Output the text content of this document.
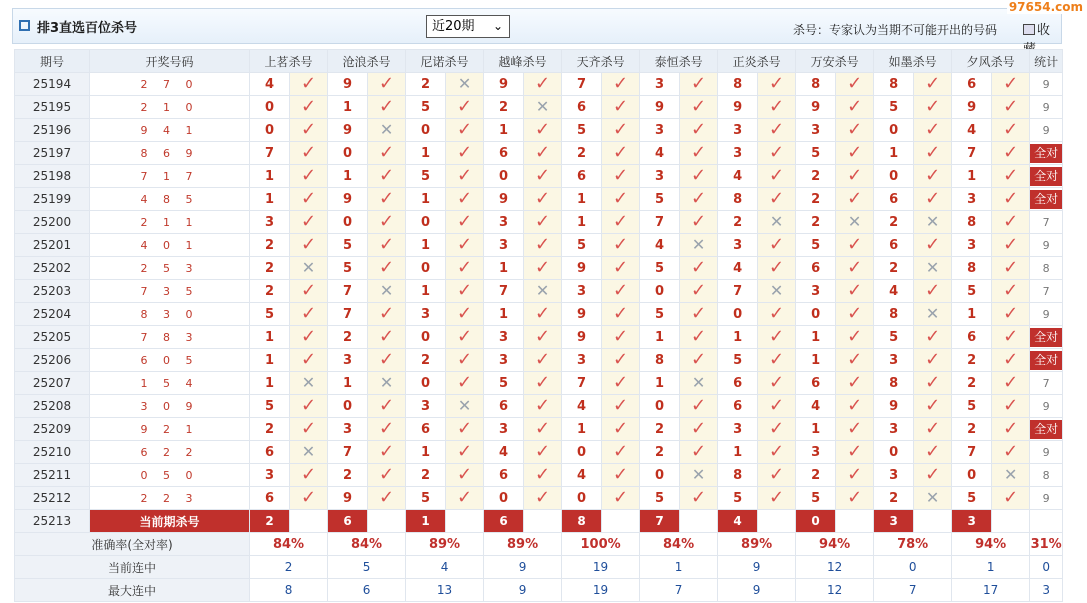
排3直选百位杀号	近20期 ⌄	杀号：专家认为当期不可能开出的号码	收
97654.com
期号	开奖号码	上茗杀号		沧浪杀号		尼诺杀号		越峰杀号		天齐杀号		泰恒杀号		正炎杀号		万安杀号		如墨杀号		夕风杀号		统计
25194	2 7 0	4	✓	9	✓	2	✕	9	✓	7	✓	3	✓	8	✓	8	✓	8	✓	6	✓	9
25195	2 1 0	0	✓	1	✓	5	✓	2	✕	6	✓	9	✓	9	✓	9	✓	5	✓	9	✓	9
25196	9 4 1	0	✓	9	✕	0	✓	1	✓	5	✓	3	✓	3	✓	3	✓	0	✓	4	✓	9
25197	8 6 9	7	✓	0	✓	1	✓	6	✓	2	✓	4	✓	3	✓	5	✓	1	✓	7	✓	全对
25198	7 1 7	1	✓	1	✓	5	✓	0	✓	6	✓	3	✓	4	✓	2	✓	0	✓	1	✓	全对
25199	4 8 5	1	✓	9	✓	1	✓	9	✓	1	✓	5	✓	8	✓	2	✓	6	✓	3	✓	全对
25200	2 1 1	3	✓	0	✓	0	✓	3	✓	1	✓	7	✓	2	✕	2	✕	2	✕	8	✓	7
25201	4 0 1	2	✓	5	✓	1	✓	3	✓	5	✓	4	✕	3	✓	5	✓	6	✓	3	✓	9
25202	2 5 3	2	✕	5	✓	0	✓	1	✓	9	✓	5	✓	4	✓	6	✓	2	✕	8	✓	8
25203	7 3 5	2	✓	7	✕	1	✓	7	✕	3	✓	0	✓	7	✕	3	✓	4	✓	5	✓	7
25204	8 3 0	5	✓	7	✓	3	✓	1	✓	9	✓	5	✓	0	✓	0	✓	8	✕	1	✓	9
25205	7 8 3	1	✓	2	✓	0	✓	3	✓	9	✓	1	✓	1	✓	1	✓	5	✓	6	✓	全对
25206	6 0 5	1	✓	3	✓	2	✓	3	✓	3	✓	8	✓	5	✓	1	✓	3	✓	2	✓	全对
25207	1 5 4	1	✕	1	✕	0	✓	5	✓	7	✓	1	✕	6	✓	6	✓	8	✓	2	✓	7
25208	3 0 9	5	✓	0	✓	3	✕	6	✓	4	✓	0	✓	6	✓	4	✓	9	✓	5	✓	9
25209	9 2 1	2	✓	3	✓	6	✓	3	✓	1	✓	2	✓	3	✓	1	✓	3	✓	2	✓	全对
25210	6 2 2	6	✕	7	✓	1	✓	4	✓	0	✓	2	✓	1	✓	3	✓	0	✓	7	✓	9
25211	0 5 0	3	✓	2	✓	2	✓	6	✓	4	✓	0	✕	8	✓	2	✓	3	✓	0	✕	8
25212	2 2 3	6	✓	9	✓	5	✓	0	✓	0	✓	5	✓	5	✓	5	✓	2	✕	5	✓	9
25213	当前期杀号	2		6		1		6		8		7		4		0		3		3		
准确率(全对率)		84%		84%		89%		89%		100%		84%		89%		94%		78%		94%		31%
当前连中		2		5		4		9		19		1		9		12		0		1		0
最大连中		8		6		13		9		19		7		9		12		7		17		3
